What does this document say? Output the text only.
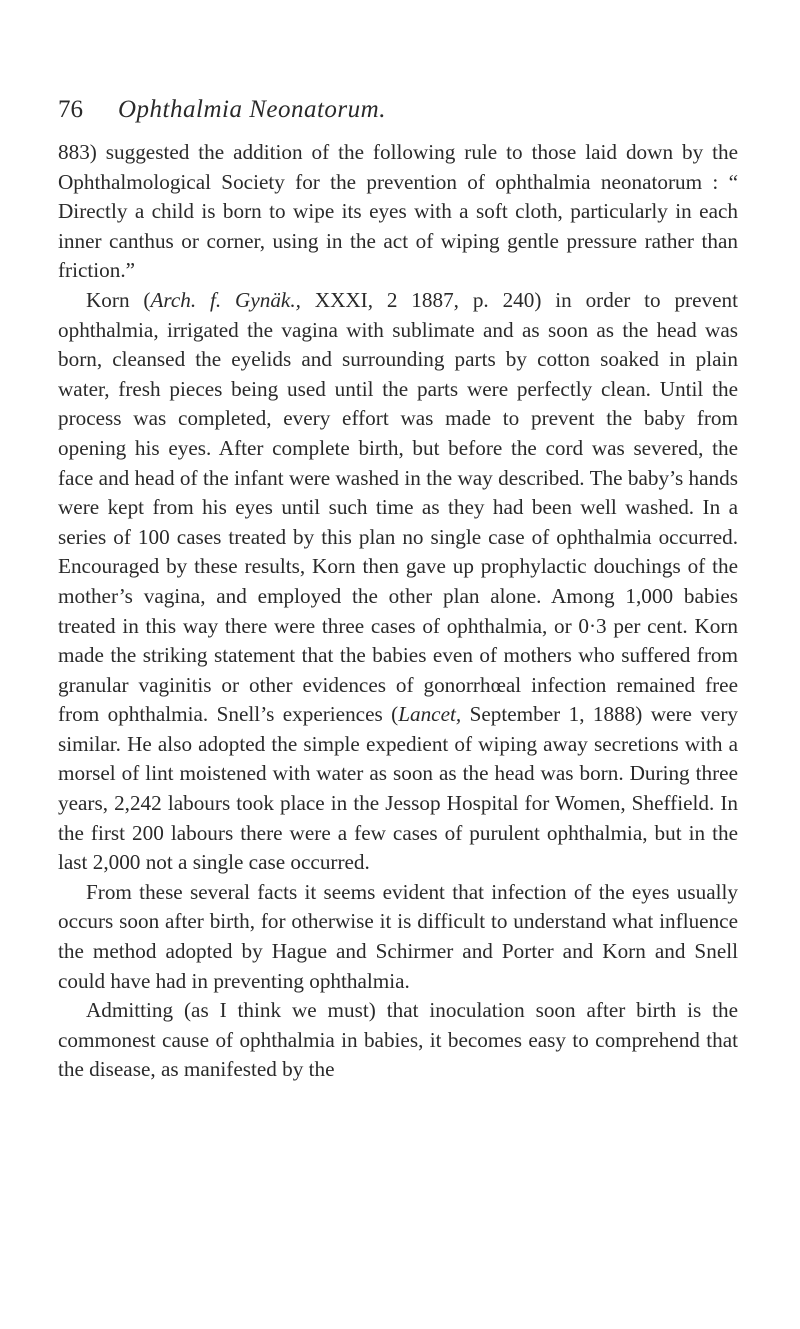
76 Ophthalmia Neonatorum.

883) suggested the addition of the following rule to those laid down by the Ophthalmological Society for the prevention of ophthalmia neonatorum : “ Directly a child is born to wipe its eyes with a soft cloth, particularly in each inner canthus or corner, using in the act of wiping gentle pressure rather than friction.”

Korn (Arch. f. Gynäk., XXXI, 2 1887, p. 240) in order to prevent ophthalmia, irrigated the vagina with sublimate and as soon as the head was born, cleansed the eyelids and surrounding parts by cotton soaked in plain water, fresh pieces being used until the parts were perfectly clean. Until the process was completed, every effort was made to prevent the baby from opening his eyes. After complete birth, but before the cord was severed, the face and head of the infant were washed in the way described. The baby’s hands were kept from his eyes until such time as they had been well washed. In a series of 100 cases treated by this plan no single case of ophthalmia occurred. Encouraged by these results, Korn then gave up prophylactic douchings of the mother’s vagina, and employed the other plan alone. Among 1,000 babies treated in this way there were three cases of ophthalmia, or 0·3 per cent. Korn made the striking statement that the babies even of mothers who suffered from granular vaginitis or other evidences of gonorrhœal infection remained free from ophthalmia. Snell’s experiences (Lancet, September 1, 1888) were very similar. He also adopted the simple expedient of wiping away secretions with a morsel of lint moistened with water as soon as the head was born. During three years, 2,242 labours took place in the Jessop Hospital for Women, Sheffield. In the first 200 labours there were a few cases of purulent ophthalmia, but in the last 2,000 not a single case occurred.

From these several facts it seems evident that infection of the eyes usually occurs soon after birth, for otherwise it is difficult to understand what influence the method adopted by Hague and Schirmer and Porter and Korn and Snell could have had in preventing ophthalmia.

Admitting (as I think we must) that inoculation soon after birth is the commonest cause of ophthalmia in babies, it becomes easy to comprehend that the disease, as manifested by the
